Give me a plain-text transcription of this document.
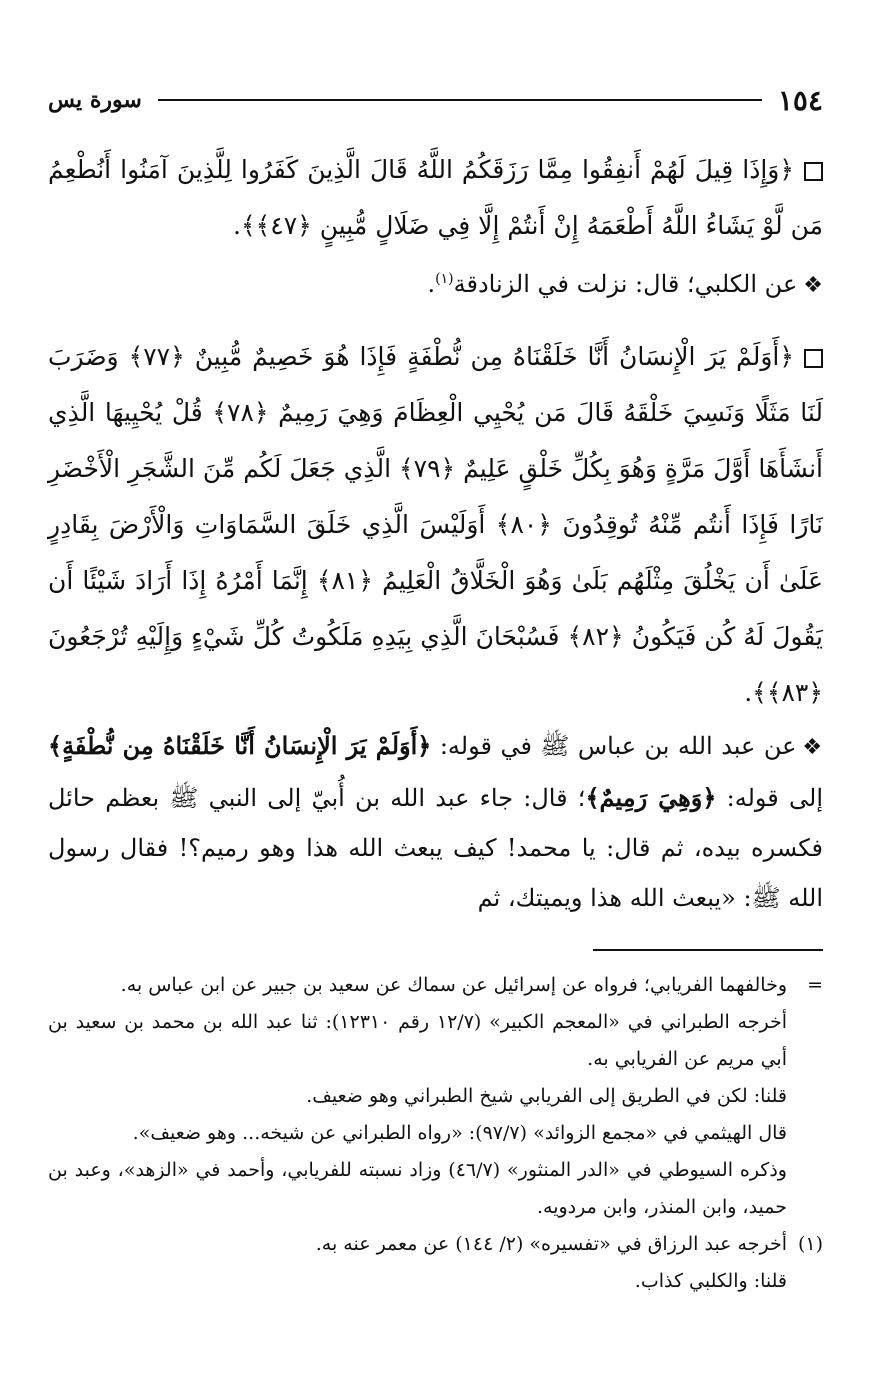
١٥٤
سورة يس
﴿وَإِذَا قِيلَ لَهُمْ أَنفِقُوا مِمَّا رَزَقَكُمُ اللَّهُ قَالَ الَّذِينَ كَفَرُوا لِلَّذِينَ آمَنُوا أَنُطْعِمُ مَن لَّوْ يَشَاءُ اللَّهُ أَطْعَمَهُ إِنْ أَنتُمْ إِلَّا فِي ضَلَالٍ مُّبِينٍ ﴿٤٧﴾﴾.
❖عن الكلبي؛ قال: نزلت في الزنادقة$^{(١)}$.
﴿أَوَلَمْ يَرَ الْإِنسَانُ أَنَّا خَلَقْنَاهُ مِن نُّطْفَةٍ فَإِذَا هُوَ خَصِيمٌ مُّبِينٌ ﴿٧٧﴾ وَضَرَبَ لَنَا مَثَلًا وَنَسِيَ خَلْقَهُ قَالَ مَن يُحْيِي الْعِظَامَ وَهِيَ رَمِيمٌ ﴿٧٨﴾ قُلْ يُحْيِيهَا الَّذِي أَنشَأَهَا أَوَّلَ مَرَّةٍ وَهُوَ بِكُلِّ خَلْقٍ عَلِيمٌ ﴿٧٩﴾ الَّذِي جَعَلَ لَكُم مِّنَ الشَّجَرِ الْأَخْضَرِ نَارًا فَإِذَا أَنتُم مِّنْهُ تُوقِدُونَ ﴿٨٠﴾ أَوَلَيْسَ الَّذِي خَلَقَ السَّمَاوَاتِ وَالْأَرْضَ بِقَادِرٍ عَلَىٰ أَن يَخْلُقَ مِثْلَهُم بَلَىٰ وَهُوَ الْخَلَّاقُ الْعَلِيمُ ﴿٨١﴾ إِنَّمَا أَمْرُهُ إِذَا أَرَادَ شَيْئًا أَن يَقُولَ لَهُ كُن فَيَكُونُ ﴿٨٢﴾ فَسُبْحَانَ الَّذِي بِيَدِهِ مَلَكُوتُ كُلِّ شَيْءٍ وَإِلَيْهِ تُرْجَعُونَ ﴿٨٣﴾﴾.
❖عن عبد الله بن عباس ﷺ في قوله: ﴿أَوَلَمْ يَرَ الْإِنسَانُ أَنَّا خَلَقْنَاهُ مِن نُّطْفَةٍ﴾ إلى قوله: ﴿وَهِيَ رَمِيمٌ﴾؛ قال: جاء عبد الله بن أُبيّ إلى النبي ﷺ بعظم حائل فكسره بيده، ثم قال: يا محمد! كيف يبعث الله هذا وهو رميم؟! فقال رسول الله ﷺ: «يبعث الله هذا ويميتك، ثم
=
وخالفهما الفريابي؛ فرواه عن إسرائيل عن سماك عن سعيد بن جبير عن ابن عباس به.
أخرجه الطبراني في «المعجم الكبير» (١٢/٧ رقم ١٢٣١٠): ثنا عبد الله بن محمد بن سعيد بن أبي مريم عن الفريابي به.
قلنا: لكن في الطريق إلى الفريابي شيخ الطبراني وهو ضعيف.
قال الهيثمي في «مجمع الزوائد» (٩٧/٧): «رواه الطبراني عن شيخه... وهو ضعيف».
وذكره السيوطي في «الدر المنثور» (٤٦/٧) وزاد نسبته للفريابي، وأحمد في «الزهد»، وعبد بن حميد، وابن المنذر، وابن مردويه.
(١)
أخرجه عبد الرزاق في «تفسيره» (٢/ ١٤٤) عن معمر عنه به.
قلنا: والكلبي كذاب.
